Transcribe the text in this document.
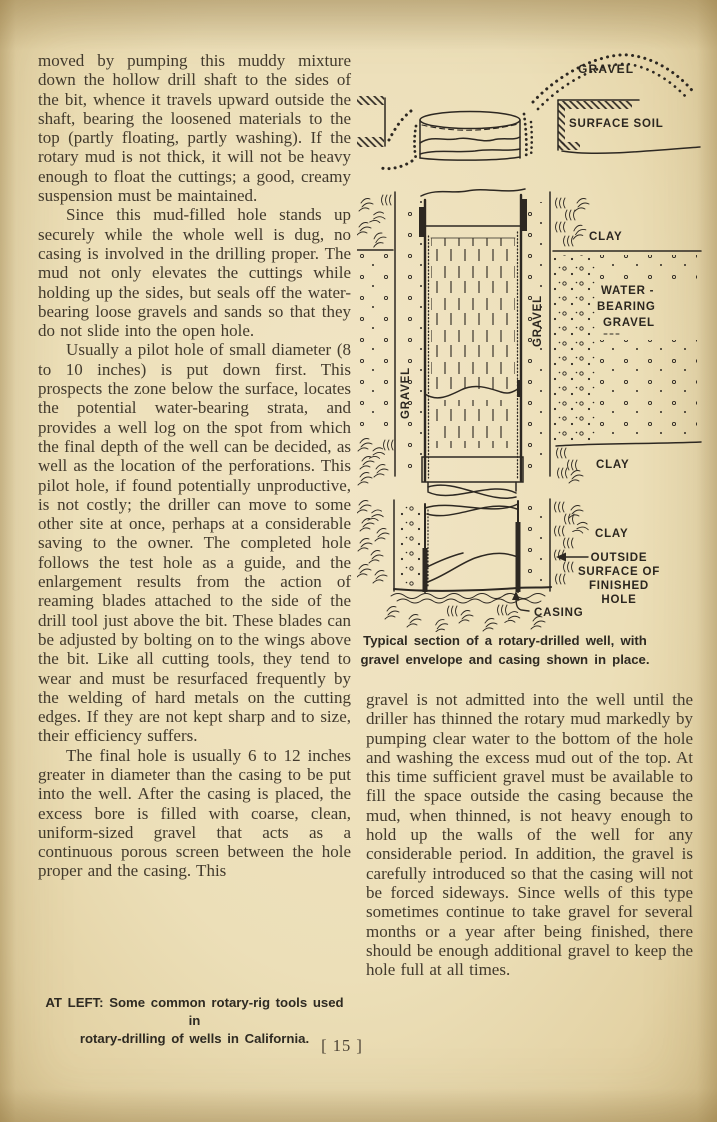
moved by pumping this muddy mixture down the hollow drill shaft to the sides of the bit, whence it travels upward outside the shaft, bearing the loosened materials to the top (partly floating, partly washing). If the rotary mud is not thick, it will not be heavy enough to float the cuttings; a good, creamy suspension must be maintained.

Since this mud-filled hole stands up securely while the whole well is dug, no casing is involved in the drilling proper. The mud not only elevates the cuttings while holding up the sides, but seals off the water-bearing loose gravels and sands so that they do not slide into the open hole.

Usually a pilot hole of small diameter (8 to 10 inches) is put down first. This prospects the zone below the surface, locates the potential water-bearing strata, and provides a well log on the spot from which the final depth of the well can be decided, as well as the location of the perforations. This pilot hole, if found potentially unproductive, is not costly; the driller can move to some other site at once, perhaps at a considerable saving to the owner. The completed hole follows the test hole as a guide, and the enlargement results from the action of reaming blades attached to the side of the drill tool just above the bit. These blades can be adjusted by bolting on to the wings above the bit. Like all cutting tools, they tend to wear and must be resurfaced frequently by the welding of hard metals on the cutting edges. If they are not kept sharp and to size, their efficiency suffers.

The final hole is usually 6 to 12 inches greater in diameter than the casing to be put into the well. After the casing is placed, the excess bore is filled with coarse, clean, uniform-sized gravel that acts as a continuous porous screen between the hole proper and the casing. This

AT LEFT: Some common rotary-rig tools used in
rotary-drilling of wells in California.
GRAVEL
SURFACE SOIL
CLAY
WATER -
BEARING
GRAVEL
GRAVEL
GRAVEL
CLAY
CLAY
OUTSIDE
SURFACE OF
FINISHED
HOLE
CASING
Typical section of a rotary-drilled well, with
gravel envelope and casing shown in place.

gravel is not admitted into the well until the driller has thinned the rotary mud markedly by pumping clear water to the bottom of the hole and washing the excess mud out of the top. At this time sufficient gravel must be available to fill the space outside the casing because the mud, when thinned, is not heavy enough to hold up the walls of the well for any considerable period. In addition, the gravel is carefully introduced so that the casing will not be forced sideways. Since wells of this type sometimes continue to take gravel for several months or a year after being finished, there should be enough additional gravel to keep the hole full at all times.

[ 15 ]
